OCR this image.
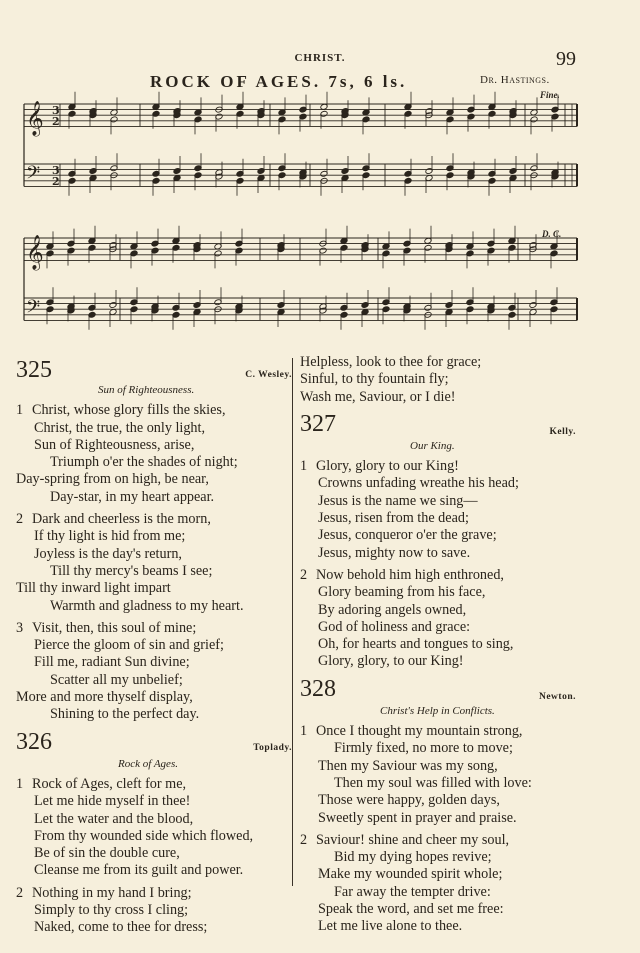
CHRIST.	99
ROCK OF AGES. 7s, 6 ls.	Dr. Hastings.
Fine.
D. C.
𝄞
𝄢
3
2
3
2
𝄞
𝄢
325	C. Wesley.
Sun of Righteousness.
1 Christ, whose glory fills the skies,
Christ, the true, the only light,
Sun of Righteousness, arise,
Triumph o'er the shades of night;
Day-spring from on high, be near,
Day-star, in my heart appear.
2 Dark and cheerless is the morn,
If thy light is hid from me;
Joyless is the day's return,
Till thy mercy's beams I see;
Till thy inward light impart
Warmth and gladness to my heart.
3 Visit, then, this soul of mine;
Pierce the gloom of sin and grief;
Fill me, radiant Sun divine;
Scatter all my unbelief;
More and more thyself display,
Shining to the perfect day.
326	Toplady.
Rock of Ages.
1 Rock of Ages, cleft for me,
Let me hide myself in thee!
Let the water and the blood,
From thy wounded side which flowed,
Be of sin the double cure,
Cleanse me from its guilt and power.
2 Nothing in my hand I bring;
Simply to thy cross I cling;
Naked, come to thee for dress;
Helpless, look to thee for grace;
Sinful, to thy fountain fly;
Wash me, Saviour, or I die!
327	Kelly.
Our King.
1 Glory, glory to our King!
Crowns unfading wreathe his head;
Jesus is the name we sing—
Jesus, risen from the dead;
Jesus, conqueror o'er the grave;
Jesus, mighty now to save.
2 Now behold him high enthroned,
Glory beaming from his face,
By adoring angels owned,
God of holiness and grace:
Oh, for hearts and tongues to sing,
Glory, glory, to our King!
328	Newton.
Christ's Help in Conflicts.
1 Once I thought my mountain strong,
Firmly fixed, no more to move;
Then my Saviour was my song,
Then my soul was filled with love:
Those were happy, golden days,
Sweetly spent in prayer and praise.
2 Saviour! shine and cheer my soul,
Bid my dying hopes revive;
Make my wounded spirit whole;
Far away the tempter drive:
Speak the word, and set me free:
Let me live alone to thee.
